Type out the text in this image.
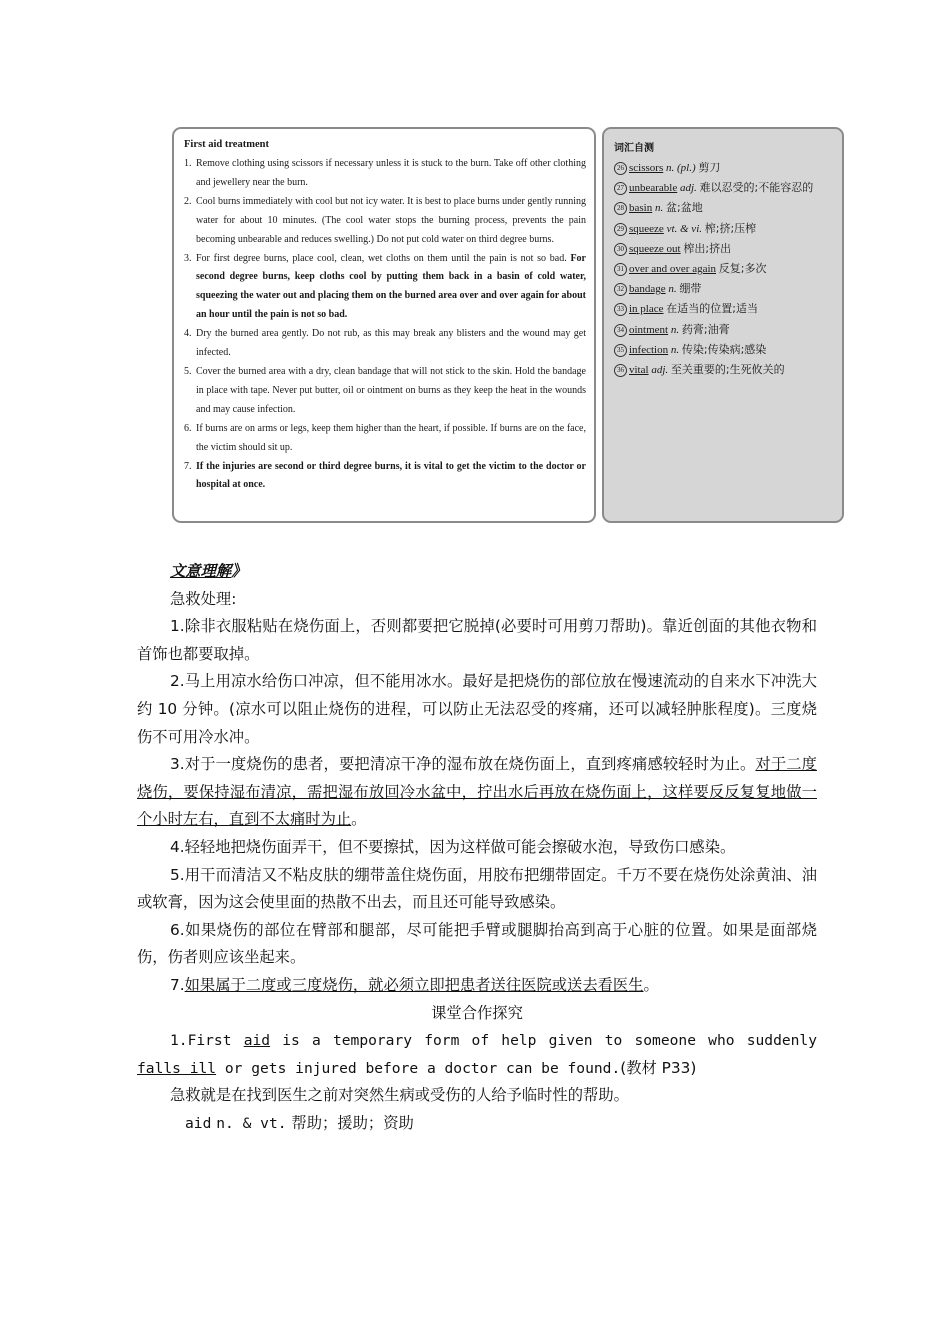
First aid treatment
1. Remove clothing using scissors if necessary unless it is stuck to the burn. Take off other clothing and jewellery near the burn.
2. Cool burns immediately with cool but not icy water. It is best to place burns under gently running water for about 10 minutes. (The cool water stops the burning process, prevents the pain becoming unbearable and reduces swelling.) Do not put cold water on third degree burns.
3. For first degree burns, place cool, clean, wet cloths on them until the pain is not so bad. For second degree burns, keep cloths cool by putting them back in a basin of cold water, squeezing the water out and placing them on the burned area over and over again for about an hour until the pain is not so bad.
4. Dry the burned area gently. Do not rub, as this may break any blisters and the wound may get infected.
5. Cover the burned area with a dry, clean bandage that will not stick to the skin. Hold the bandage in place with tape. Never put butter, oil or ointment on burns as they keep the heat in the wounds and may cause infection.
6. If burns are on arms or legs, keep them higher than the heart, if possible. If burns are on the face, the victim should sit up.
7. If the injuries are second or third degree burns, it is vital to get the victim to the doctor or hospital at once.
词汇自测
26 scissors n. (pl.) 剪刀
27 unbearable adj. 难以忍受的;不能容忍的
28 basin n. 盆;盆地
29 squeeze vt. & vi. 榨;挤;压榨
30 squeeze out 榨出;挤出
31 over and over again 反复;多次
32 bandage n. 绷带
33 in place 在适当的位置;适当
34 ointment n. 药膏;油膏
35 infection n. 传染;传染病;感染
36 vital adj. 至关重要的;生死攸关的
文意理解》
急救处理:
1.除非衣服粘贴在烧伤面上，否则都要把它脱掉(必要时可用剪刀帮助)。靠近创面的其他衣物和首饰也都要取掉。
2.马上用凉水给伤口冲凉，但不能用冰水。最好是把烧伤的部位放在慢速流动的自来水下冲洗大约 10 分钟。(凉水可以阻止烧伤的进程，可以防止无法忍受的疼痛，还可以减轻肿胀程度)。三度烧伤不可用冷水冲。
3.对于一度烧伤的患者，要把清凉干净的湿布放在烧伤面上，直到疼痛感较轻时为止。对于二度烧伤，要保持湿布清凉，需把湿布放回冷水盆中，拧出水后再放在烧伤面上，这样要反反复复地做一个小时左右，直到不太痛时为止。
4.轻轻地把烧伤面弄干，但不要擦拭，因为这样做可能会擦破水泡，导致伤口感染。
5.用干而清洁又不粘皮肤的绷带盖住烧伤面，用胶布把绷带固定。千万不要在烧伤处涂黄油、油或软膏，因为这会使里面的热散不出去，而且还可能导致感染。
6.如果烧伤的部位在臂部和腿部，尽可能把手臂或腿脚抬高到高于心脏的位置。如果是面部烧伤，伤者则应该坐起来。
7.如果属于二度或三度烧伤，就必须立即把患者送往医院或送去看医生。
课堂合作探究
1.First aid is a temporary form of help given to someone who suddenly falls ill or gets injured before a doctor can be found.(教材 P33)
急救就是在找到医生之前对突然生病或受伤的人给予临时性的帮助。
aid n. & vt. 帮助；援助；资助
